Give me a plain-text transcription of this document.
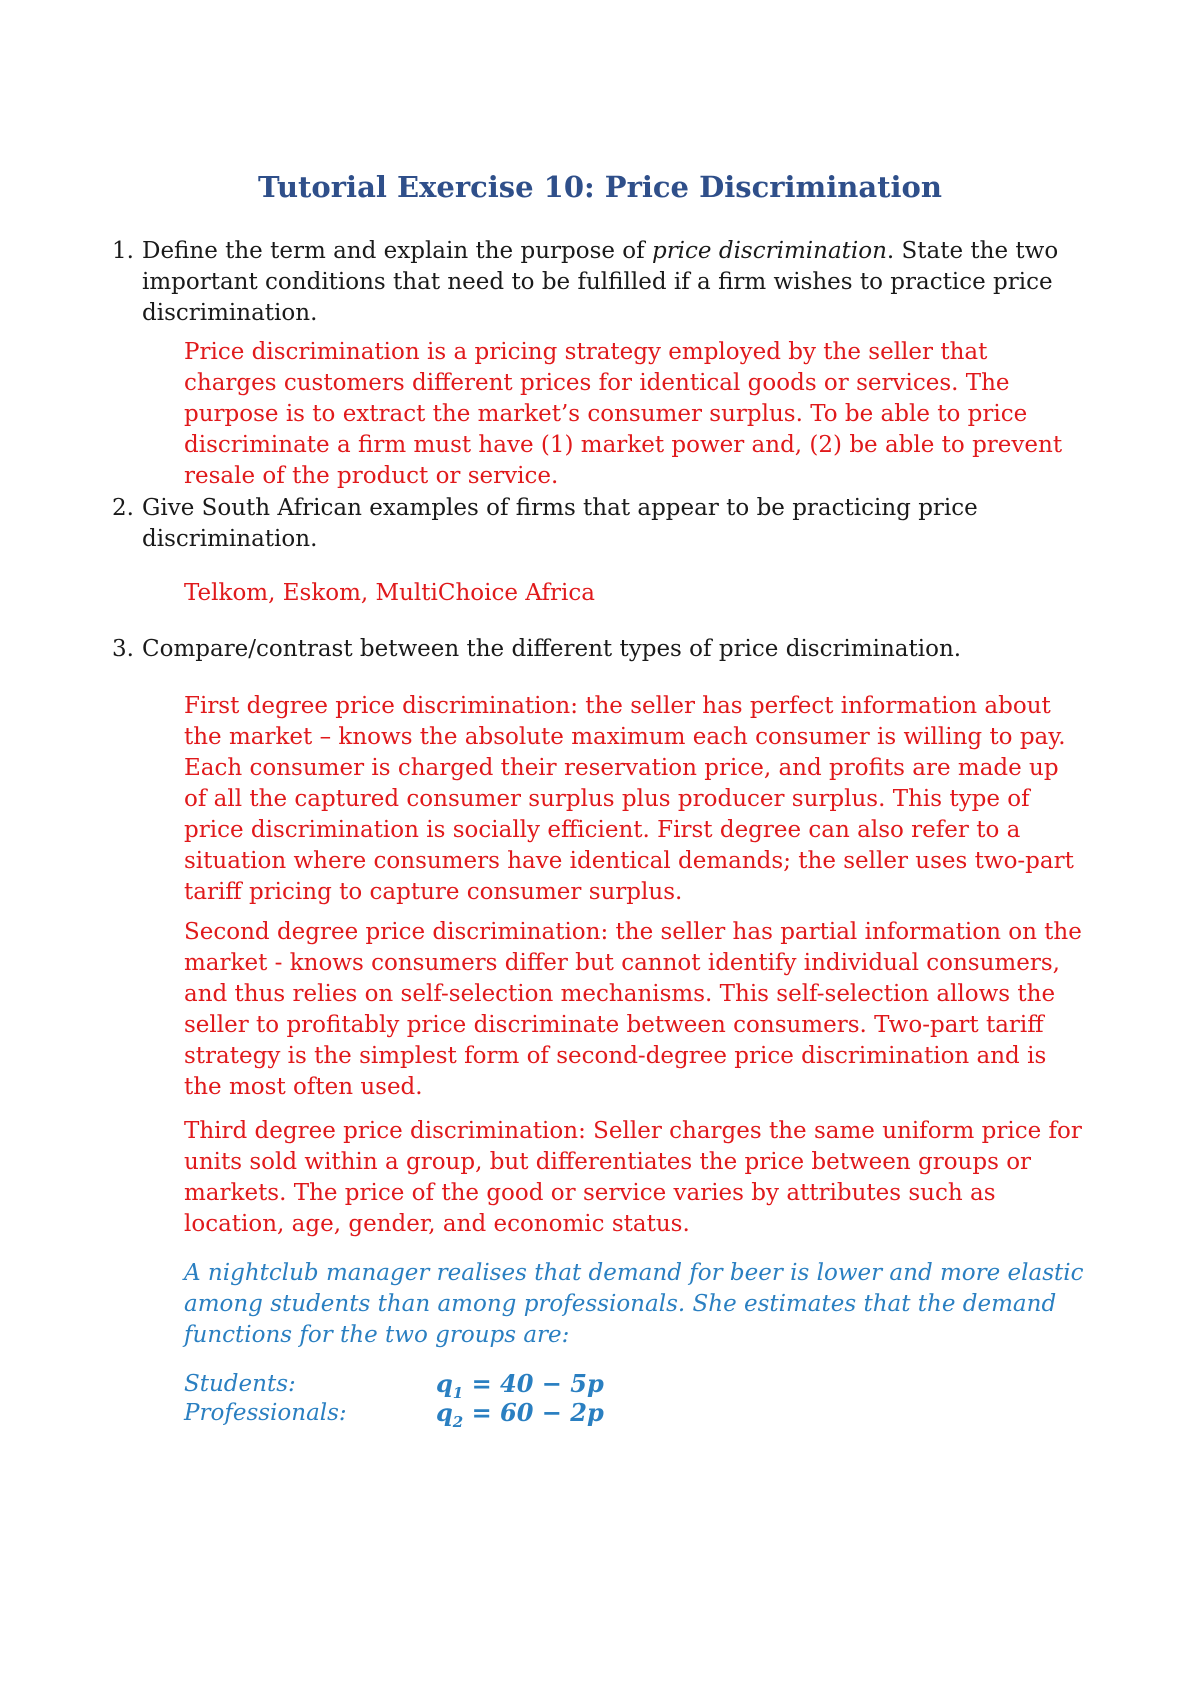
Tutorial Exercise 10: Price Discrimination
1. Define the term and explain the purpose of price discrimination. State the two important conditions that need to be fulfilled if a firm wishes to practice price discrimination.

Price discrimination is a pricing strategy employed by the seller that charges customers different prices for identical goods or services. The purpose is to extract the market’s consumer surplus. To be able to price discriminate a firm must have (1) market power and, (2) be able to prevent resale of the product or service.

2. Give South African examples of firms that appear to be practicing price discrimination.

Telkom, Eskom, MultiChoice Africa

3. Compare/contrast between the different types of price discrimination.

First degree price discrimination: the seller has perfect information about the market – knows the absolute maximum each consumer is willing to pay. Each consumer is charged their reservation price, and profits are made up of all the captured consumer surplus plus producer surplus. This type of price discrimination is socially efficient. First degree can also refer to a situation where consumers have identical demands; the seller uses two-part tariff pricing to capture consumer surplus.

Second degree price discrimination: the seller has partial information on the market - knows consumers differ but cannot identify individual consumers, and thus relies on self-selection mechanisms. This self-selection allows the seller to profitably price discriminate between consumers. Two-part tariff strategy is the simplest form of second-degree price discrimination and is the most often used.

Third degree price discrimination: Seller charges the same uniform price for units sold within a group, but differentiates the price between groups or markets. The price of the good or service varies by attributes such as location, age, gender, and economic status.

A nightclub manager realises that demand for beer is lower and more elastic among students than among professionals. She estimates that the demand functions for the two groups are:

Students:	$q_1 = 40 - 5p$
Professionals:	$q_2 = 60 - 2p$
